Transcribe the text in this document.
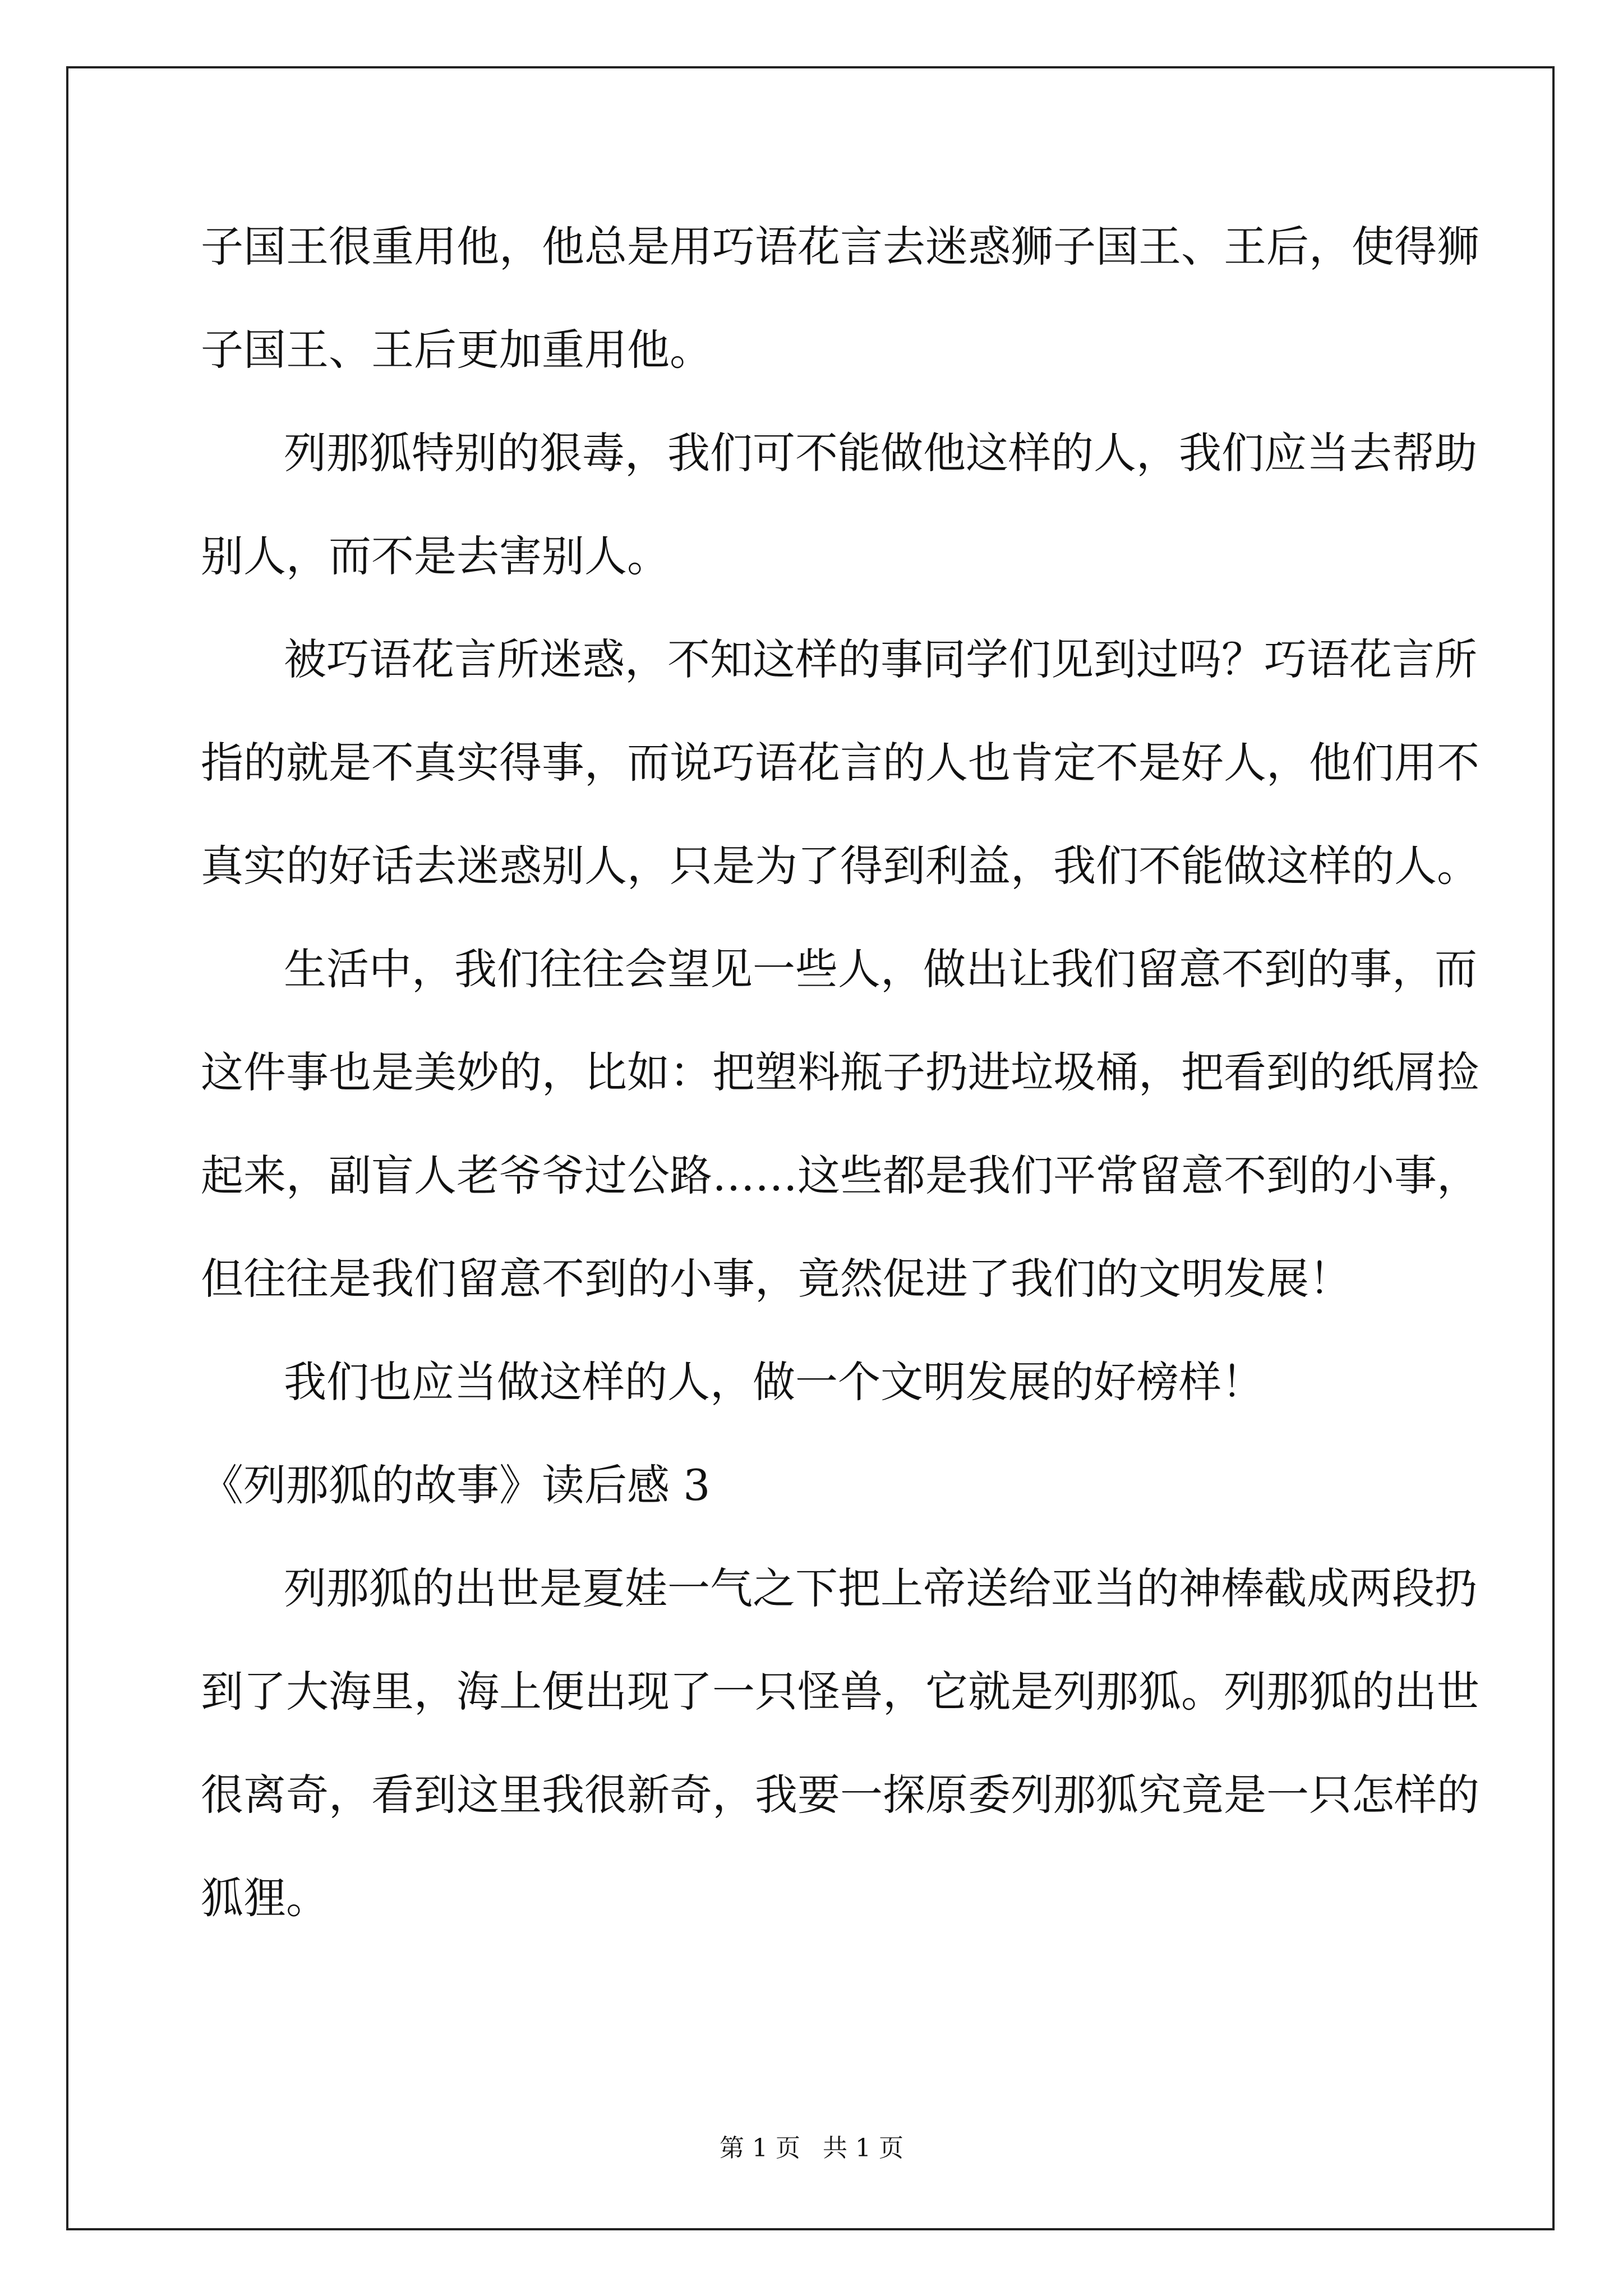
子国王很重用他，他总是用巧语花言去迷惑狮子国王、王后，使得狮
子国王、王后更加重用他。
列那狐特别的狠毒，我们可不能做他这样的人，我们应当去帮助
别人，而不是去害别人。
被巧语花言所迷惑，不知这样的事同学们见到过吗？巧语花言所
指的就是不真实得事，而说巧语花言的人也肯定不是好人，他们用不
真实的好话去迷惑别人，只是为了得到利益，我们不能做这样的人。
生活中，我们往往会望见一些人，做出让我们留意不到的事，而
这件事也是美妙的，比如：把塑料瓶子扔进垃圾桶，把看到的纸屑捡
起来，副盲人老爷爷过公路……这些都是我们平常留意不到的小事，
但往往是我们留意不到的小事，竟然促进了我们的文明发展！
我们也应当做这样的人，做一个文明发展的好榜样！
《列那狐的故事》读后感 3
列那狐的出世是夏娃一气之下把上帝送给亚当的神棒截成两段扔
到了大海里，海上便出现了一只怪兽，它就是列那狐。列那狐的出世
很离奇，看到这里我很新奇，我要一探原委列那狐究竟是一只怎样的
狐狸。
第 1 页 共 1 页
